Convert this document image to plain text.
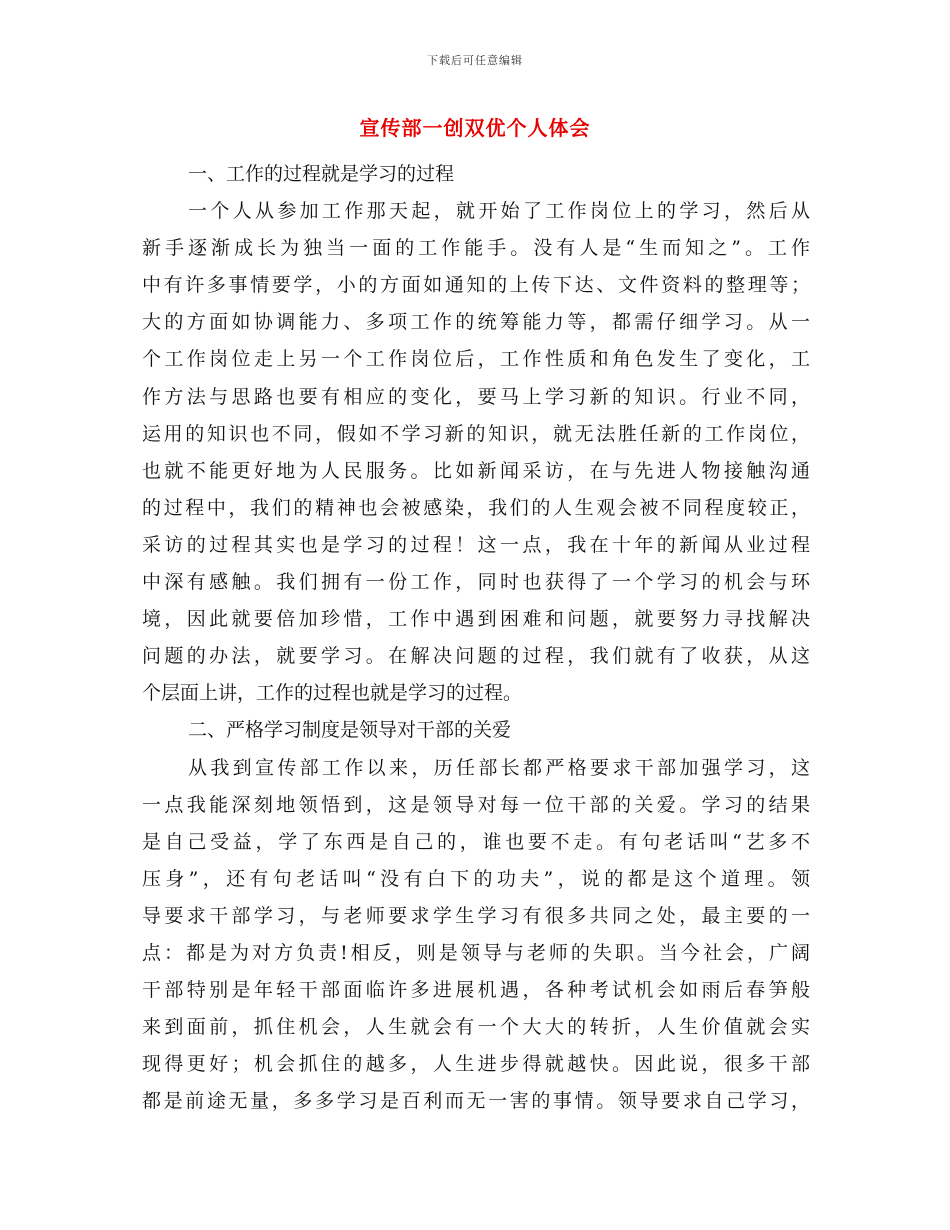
下载后可任意编辑
宣传部一创双优个人体会
一、工作的过程就是学习的过程
一个人从参加工作那天起，就开始了工作岗位上的学习，然后从
新手逐渐成长为独当一面的工作能手。没有人是“生而知之”。工作
中有许多事情要学，小的方面如通知的上传下达、文件资料的整理等；
大的方面如协调能力、多项工作的统筹能力等，都需仔细学习。从一
个工作岗位走上另一个工作岗位后，工作性质和角色发生了变化，工
作方法与思路也要有相应的变化，要马上学习新的知识。行业不同，
运用的知识也不同，假如不学习新的知识，就无法胜任新的工作岗位，
也就不能更好地为人民服务。比如新闻采访，在与先进人物接触沟通
的过程中，我们的精神也会被感染，我们的人生观会被不同程度较正，
采访的过程其实也是学习的过程！这一点，我在十年的新闻从业过程
中深有感触。我们拥有一份工作，同时也获得了一个学习的机会与环
境，因此就要倍加珍惜，工作中遇到困难和问题，就要努力寻找解决
问题的办法，就要学习。在解决问题的过程，我们就有了收获，从这
个层面上讲，工作的过程也就是学习的过程。
二、严格学习制度是领导对干部的关爱
从我到宣传部工作以来，历任部长都严格要求干部加强学习，这
一点我能深刻地领悟到，这是领导对每一位干部的关爱。学习的结果
是自己受益，学了东西是自己的，谁也要不走。有句老话叫“艺多不
压身”，还有句老话叫“没有白下的功夫”，说的都是这个道理。领
导要求干部学习，与老师要求学生学习有很多共同之处，最主要的一
点：都是为对方负责!相反，则是领导与老师的失职。当今社会，广阔
干部特别是年轻干部面临许多进展机遇，各种考试机会如雨后春笋般
来到面前，抓住机会，人生就会有一个大大的转折，人生价值就会实
现得更好；机会抓住的越多，人生进步得就越快。因此说，很多干部
都是前途无量，多多学习是百利而无一害的事情。领导要求自己学习，
